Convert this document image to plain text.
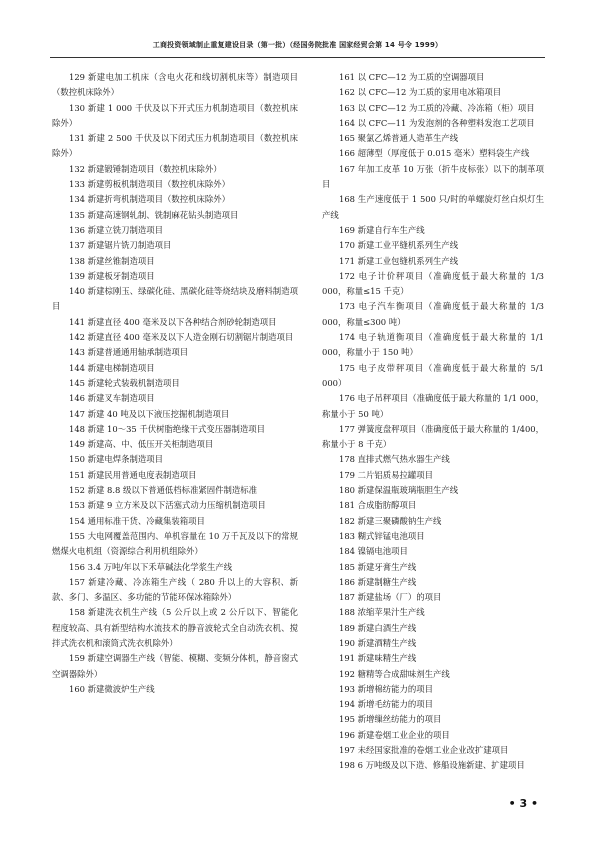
工商投资领域制止重复建设目录（第一批）（经国务院批准 国家经贸会第 14 号令 1999）

129 新建电加工机床（含电火花和线切割机床等）制造项目（数控机床除外）

130 新建 1 000 千伏及以下开式压力机制造项目（数控机床除外）

131 新建 2 500 千伏及以下闭式压力机制造项目（数控机床除外）

132 新建锻锤制造项目（数控机床除外）

133 新建剪板机制造项目（数控机床除外）

134 新建折弯机制造项目（数控机床除外）

135 新建高速钢轧制、铣制麻花钻头制造项目

136 新建立铣刀制造项目

137 新建锯片铣刀制造项目

138 新建丝锥制造项目

139 新建板牙制造项目

140 新建棕刚玉、绿碳化硅、黑碳化硅等烧结块及磨料制造项目

141 新建直径 400 毫米及以下各种结合剂砂轮制造项目

142 新建直径 400 毫米及以下人造金刚石切割锯片制造项目

143 新建普通通用轴承制造项目

144 新建电梯制造项目

145 新建轮式装载机制造项目

146 新建叉车制造项目

147 新建 40 吨及以下液压挖掘机制造项目

148 新建 10～35 千伏树脂绝缘干式变压器制造项目

149 新建高、中、低压开关柜制造项目

150 新建电焊条制造项目

151 新建民用普通电度表制造项目

152 新建 8.8 级以下普通低档标准紧固件制造标准

153 新建 9 立方米及以下活塞式动力压缩机制造项目

154 通用标准干货、冷藏集装箱项目

155 大电网覆盖范围内、单机容量在 10 万千瓦及以下的常规燃煤火电机组（资源综合利用机组除外）

156 3.4 万吨/年以下禾草碱法化学浆生产线

157 新建冷藏、冷冻箱生产线（ 280 升以上的大容积、新款、多门、多温区、多功能的节能环保冰箱除外）

158 新建洗衣机生产线（5 公斤以上或 2 公斤以下、智能化程度较高、具有新型结构水流技术的静音波轮式全自动洗衣机、搅拌式洗衣机和滚筒式洗衣机除外）

159 新建空调器生产线（智能、模糊、变频分体机，静音窗式空调器除外）

160 新建微波炉生产线

161 以 CFC—12 为工质的空调器项目

162 以 CFC—12 为工质的家用电冰箱项目

163 以 CFC—12 为工质的冷藏、冷冻箱（柜）项目

164 以 CFC—11 为发泡剂的各种塑料发泡工艺项目

165 聚氯乙烯普通人造革生产线

166 超薄型（厚度低于 0.015 毫米）塑料袋生产线

167 年加工皮革 10 万张（折牛皮标张）以下的制革项目

168 生产速度低于 1 500 只/时的单螺旋灯丝白炽灯生产线

169 新建自行车生产线

170 新建工业平缝机系列生产线

171 新建工业包缝机系列生产线

172 电子计价秤项目（准确度低于最大称量的 1/3 000，称量≤15 千克）

173 电子汽车衡项目（准确度低于最大称量的 1/3 000，称量≤300 吨）

174 电子轨道衡项目（准确度低于最大称量的 1/1 000，称量小于 150 吨）

175 电子皮带秤项目（准确度低于最大称量的 5/1 000）

176 电子吊秤项目（准确度低于最大称量的 1/1 000，称量小于 50 吨）

177 弹簧度盘秤项目（准确度低于最大称量的 1/400，称量小于 8 千克）

178 直排式燃气热水器生产线

179 二片铝质易拉罐项目

180 新建保温瓶玻璃瓶胆生产线

181 合成脂肪醇项目

182 新建三聚磷酸钠生产线

183 糊式锌锰电池项目

184 镍镉电池项目

185 新建牙膏生产线

186 新建制糖生产线

187 新建盐场（厂）的项目

188 浓缩苹果汁生产线

189 新建白酒生产线

190 新建酒精生产线

191 新建味精生产线

192 糖精等合成甜味剂生产线

193 新增棉纺能力的项目

194 新增毛纺能力的项目

195 新增缫丝纺能力的项目

196 新建卷烟工业企业的项目

197 未经国家批准的卷烟工业企业改扩建项目

198 6 万吨级及以下造、修船设施新建、扩建项目

• 3 •
